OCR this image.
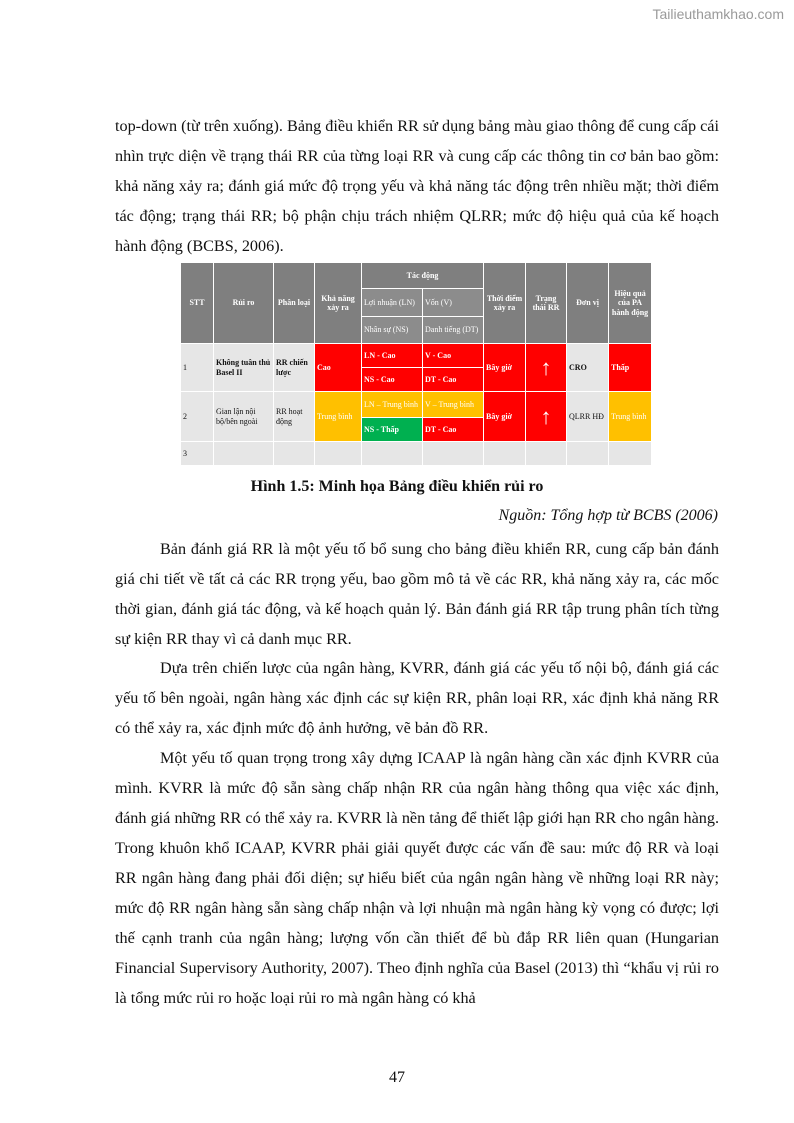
Tailieuthamkhao.com

top-down (từ trên xuống). Bảng điều khiển RR sử dụng bảng màu giao thông để cung cấp cái nhìn trực diện về trạng thái RR của từng loại RR và cung cấp các thông tin cơ bản bao gồm: khả năng xảy ra; đánh giá mức độ trọng yếu và khả năng tác động trên nhiều mặt; thời điểm tác động; trạng thái RR; bộ phận chịu trách nhiệm QLRR; mức độ hiệu quả của kế hoạch hành động (BCBS, 2006).

STT	Rủi ro	Phân loại	Khả năng xảy ra	Tác động		Thời điểm xảy ra	Trạng thái RR	Đơn vị	Hiệu quả của PA hành động
				Lợi nhuận (LN)	Vốn (V)				
				Nhân sự (NS)	Danh tiếng (DT)				
1	Không tuân thủ Basel II	RR chiến lược	Cao	LN - Cao	V - Cao	Bây giờ	↑	CRO	Thấp
				NS - Cao	DT - Cao				
2	Gian lận nội bộ/bên ngoài	RR hoạt động	Trung bình	LN – Trung bình	V – Trung bình	Bây giờ	↑	QLRR HĐ	Trung bình
				NS - Thấp	DT - Cao				
3									

Hình 1.5: Minh họa Bảng điều khiển rủi ro

Nguồn: Tổng hợp từ BCBS (2006)

Bản đánh giá RR là một yếu tố bổ sung cho bảng điều khiển RR, cung cấp bản đánh giá chi tiết về tất cả các RR trọng yếu, bao gồm mô tả về các RR, khả năng xảy ra, các mốc thời gian, đánh giá tác động, và kế hoạch quản lý. Bản đánh giá RR tập trung phân tích từng sự kiện RR thay vì cả danh mục RR.

Dựa trên chiến lược của ngân hàng, KVRR, đánh giá các yếu tố nội bộ, đánh giá các yếu tố bên ngoài, ngân hàng xác định các sự kiện RR, phân loại RR, xác định khả năng RR có thể xảy ra, xác định mức độ ảnh hưởng, vẽ bản đồ RR.

Một yếu tố quan trọng trong xây dựng ICAAP là ngân hàng cần xác định KVRR của mình. KVRR là mức độ sẵn sàng chấp nhận RR của ngân hàng thông qua việc xác định, đánh giá những RR có thể xảy ra. KVRR là nền tảng để thiết lập giới hạn RR cho ngân hàng. Trong khuôn khổ ICAAP, KVRR phải giải quyết được các vấn đề sau: mức độ RR và loại RR ngân hàng đang phải đối diện; sự hiểu biết của ngân ngân hàng về những loại RR này; mức độ RR ngân hàng sẵn sàng chấp nhận và lợi nhuận mà ngân hàng kỳ vọng có được; lợi thế cạnh tranh của ngân hàng; lượng vốn cần thiết để bù đắp RR liên quan (Hungarian Financial Supervisory Authority, 2007). Theo định nghĩa của Basel (2013) thì “khẩu vị rủi ro là tổng mức rủi ro hoặc loại rủi ro mà ngân hàng có khả

47
